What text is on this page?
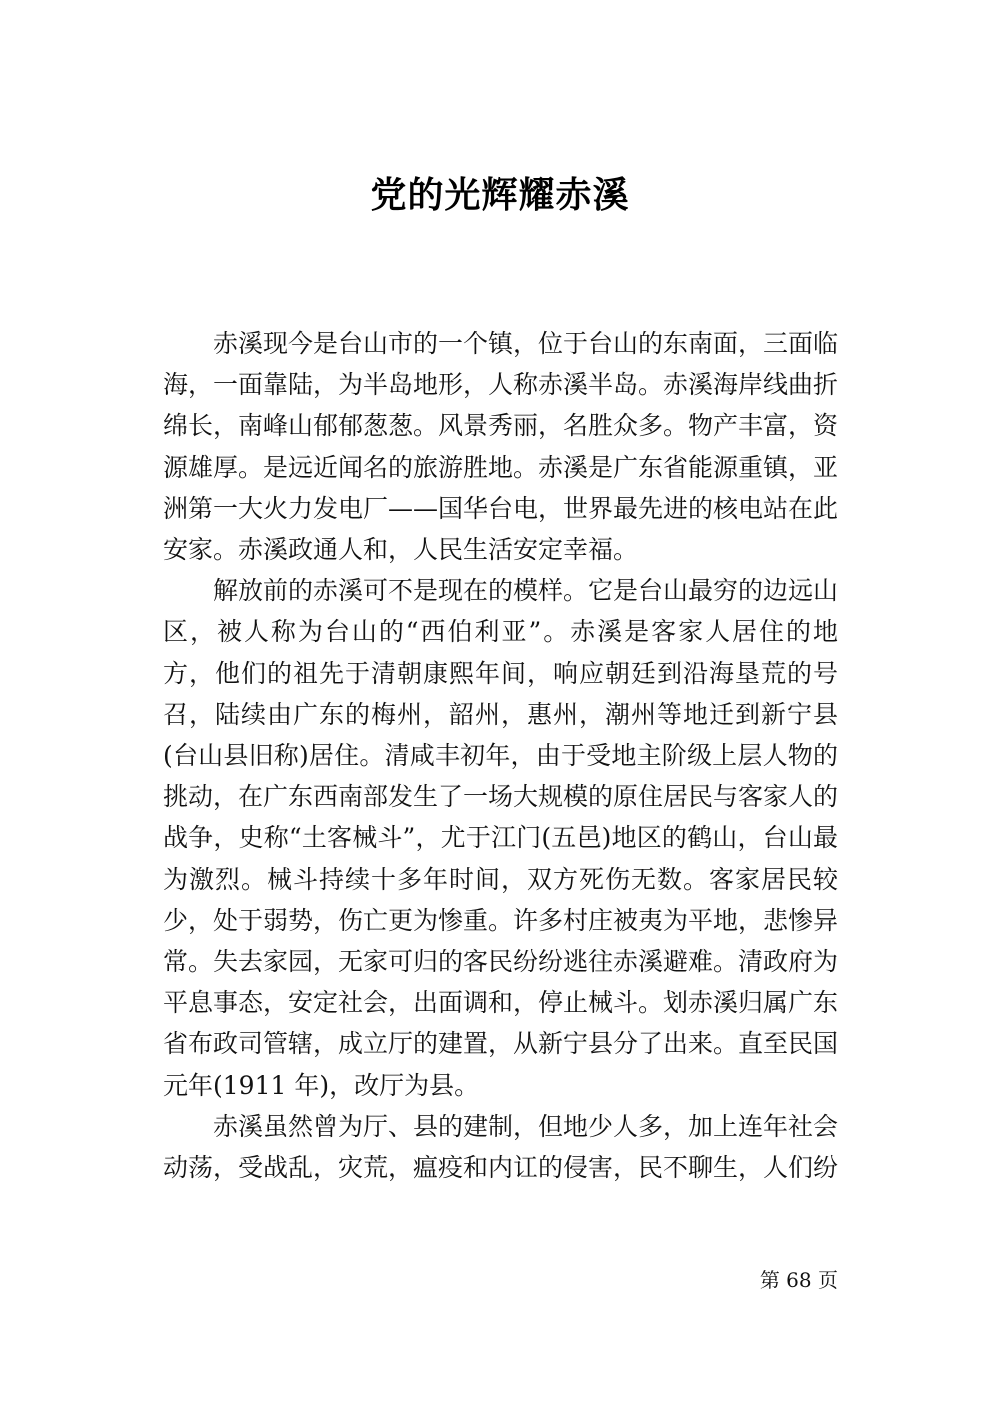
党的光辉耀赤溪

赤溪现今是台山市的一个镇，位于台山的东南面，三面临海，一面靠陆，为半岛地形，人称赤溪半岛。赤溪海岸线曲折绵长，南峰山郁郁葱葱。风景秀丽，名胜众多。物产丰富，资源雄厚。是远近闻名的旅游胜地。赤溪是广东省能源重镇，亚洲第一大火力发电厂——国华台电，世界最先进的核电站在此安家。赤溪政通人和，人民生活安定幸福。

解放前的赤溪可不是现在的模样。它是台山最穷的边远山区，被人称为台山的“西伯利亚”。赤溪是客家人居住的地方，他们的祖先于清朝康熙年间，响应朝廷到沿海垦荒的号召，陆续由广东的梅州，韶州，惠州，潮州等地迁到新宁县(台山县旧称)居住。清咸丰初年，由于受地主阶级上层人物的挑动，在广东西南部发生了一场大规模的原住居民与客家人的战争，史称“土客械斗”，尤于江门(五邑)地区的鹤山，台山最为激烈。械斗持续十多年时间，双方死伤无数。客家居民较少，处于弱势，伤亡更为惨重。许多村庄被夷为平地，悲惨异常。失去家园，无家可归的客民纷纷逃往赤溪避难。清政府为平息事态，安定社会，出面调和，停止械斗。划赤溪归属广东省布政司管辖，成立厅的建置，从新宁县分了出来。直至民国元年(1911 年)，改厅为县。

赤溪虽然曾为厅、县的建制，但地少人多，加上连年社会动荡，受战乱，灾荒，瘟疫和内讧的侵害，民不聊生，人们纷

第 68 页
